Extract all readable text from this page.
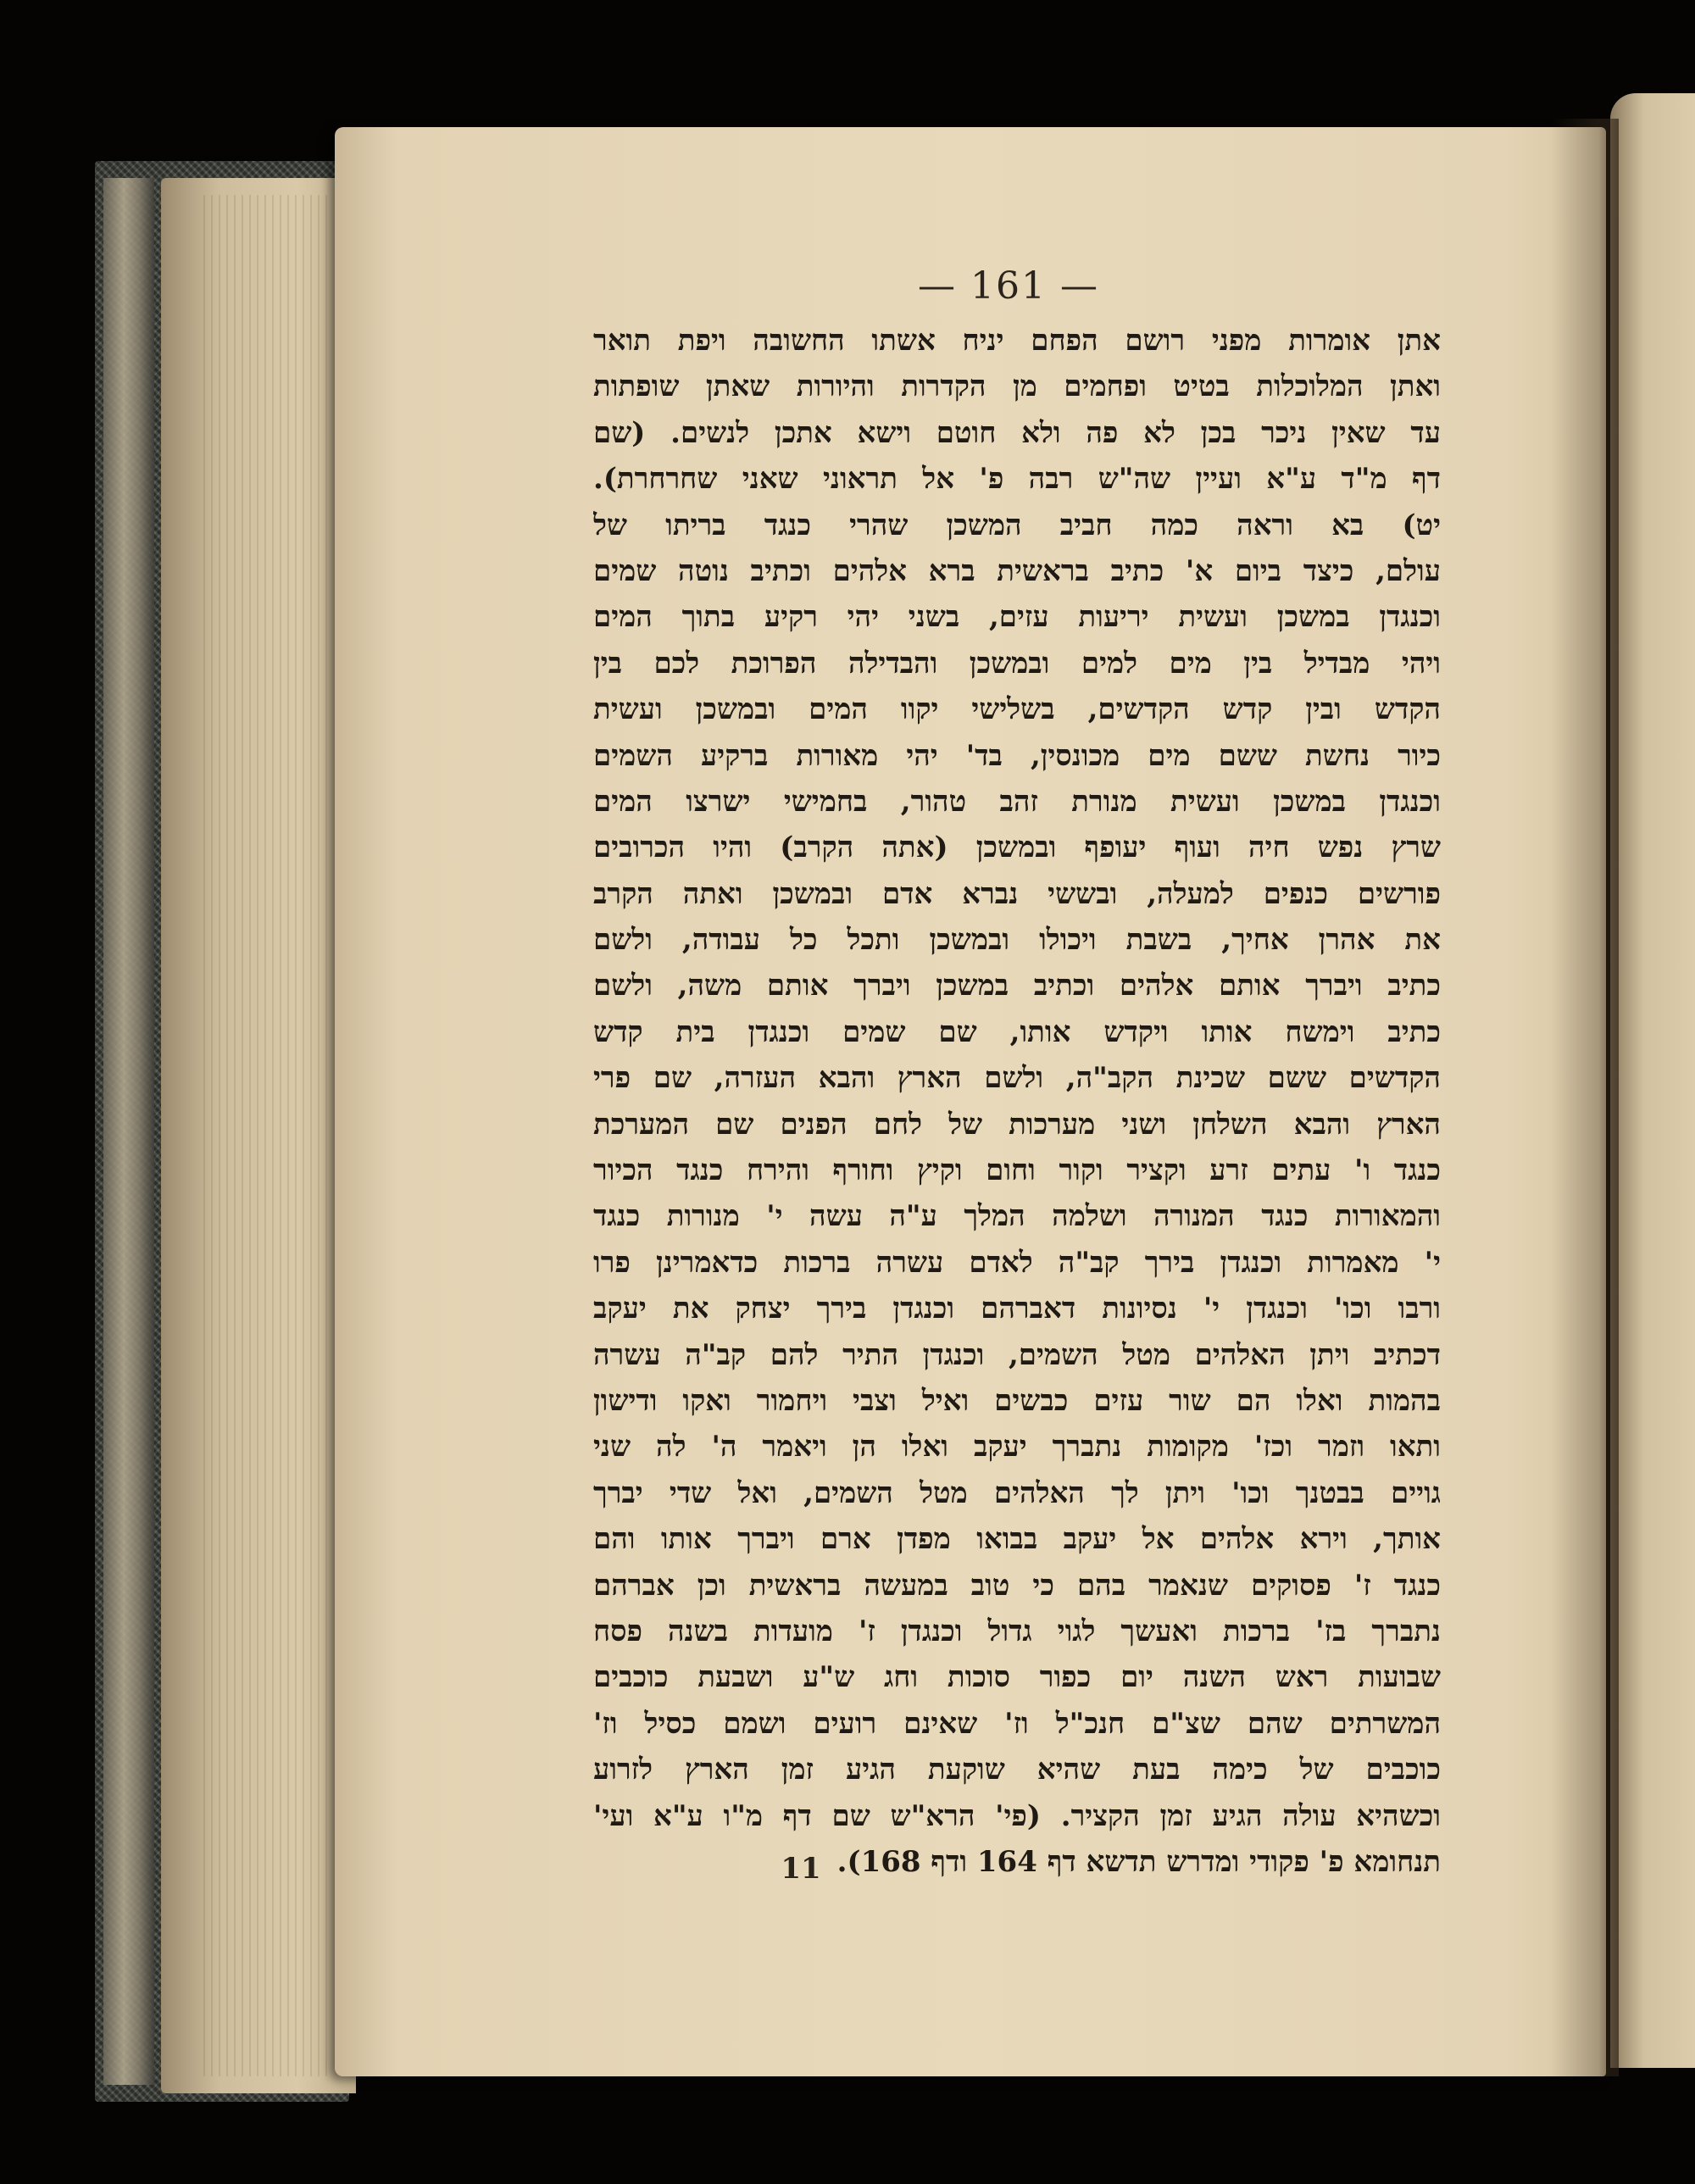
— 161 —
אתן אומרות מפני רושם הפחם יניח אשתו החשובה ויפת תואר
ואתן המלוכלות בטיט ופחמים מן הקדרות והיורות שאתן שופתות
עד שאין ניכר בכן לא פה ולא חוטם וישא אתכן לנשים. (שם
דף מ"ד ע"א ועיין שה"ש רבה פ' אל תראוני שאני שחרחרת).
יט) בא וראה כמה חביב המשכן שהרי כנגד בריתו של
עולם, כיצד ביום א' כתיב בראשית ברא אלהים וכתיב נוטה שמים
וכנגדן במשכן ועשית יריעות עזים, בשני יהי רקיע בתוך המים
ויהי מבדיל בין מים למים ובמשכן והבדילה הפרוכת לכם בין
הקדש ובין קדש הקדשים, בשלישי יקוו המים ובמשכן ועשית
כיור נחשת ששם מים מכונסין, בד' יהי מאורות ברקיע השמים
וכנגדן במשכן ועשית מנורת זהב טהור, בחמישי ישרצו המים
שרץ נפש חיה ועוף יעופף ובמשכן (אתה הקרב) והיו הכרובים
פורשים כנפים למעלה, ובששי נברא אדם ובמשכן ואתה הקרב
את אהרן אחיך, בשבת ויכולו ובמשכן ותכל כל עבודה, ולשם
כתיב ויברך אותם אלהים וכתיב במשכן ויברך אותם משה, ולשם
כתיב וימשח אותו ויקדש אותו, שם שמים וכנגדן בית קדש
הקדשים ששם שכינת הקב"ה, ולשם הארץ והבא העזרה, שם פרי
הארץ והבא השלחן ושני מערכות של לחם הפנים שם המערכת
כנגד ו' עתים זרע וקציר וקור וחום וקיץ וחורף והירח כנגד הכיור
והמאורות כנגד המנורה ושלמה המלך ע"ה עשה י' מנורות כנגד
י' מאמרות וכנגדן בירך קב"ה לאדם עשרה ברכות כדאמרינן פרו
ורבו וכו' וכנגדן י' נסיונות דאברהם וכנגדן בירך יצחק את יעקב
דכתיב ויתן האלהים מטל השמים, וכנגדן התיר להם קב"ה עשרה
בהמות ואלו הם שור עזים כבשים ואיל וצבי ויחמור ואקו ודישון
ותאו וזמר וכז' מקומות נתברך יעקב ואלו הן ויאמר ה' לה שני
גויים בבטנך וכו' ויתן לך האלהים מטל השמים, ואל שדי יברך
אותך, וירא אלהים אל יעקב בבואו מפדן ארם ויברך אותו והם
כנגד ז' פסוקים שנאמר בהם כי טוב במעשה בראשית וכן אברהם
נתברך בז' ברכות ואעשך לגוי גדול וכנגדן ז' מועדות בשנה פסח
שבועות ראש השנה יום כפור סוכות וחג ש"ע ושבעת כוכבים
המשרתים שהם שצ"ם חנכ"ל וז' שאינם רועים ושמם כסיל וז'
כוכבים של כימה בעת שהיא שוקעת הגיע זמן הארץ לזרוע
וכשהיא עולה הגיע זמן הקציר. (פי' הרא"ש שם דף מ"ו ע"א ועי'
תנחומא פ' פקודי ומדרש תדשא דף 164 ודף 168).
11
